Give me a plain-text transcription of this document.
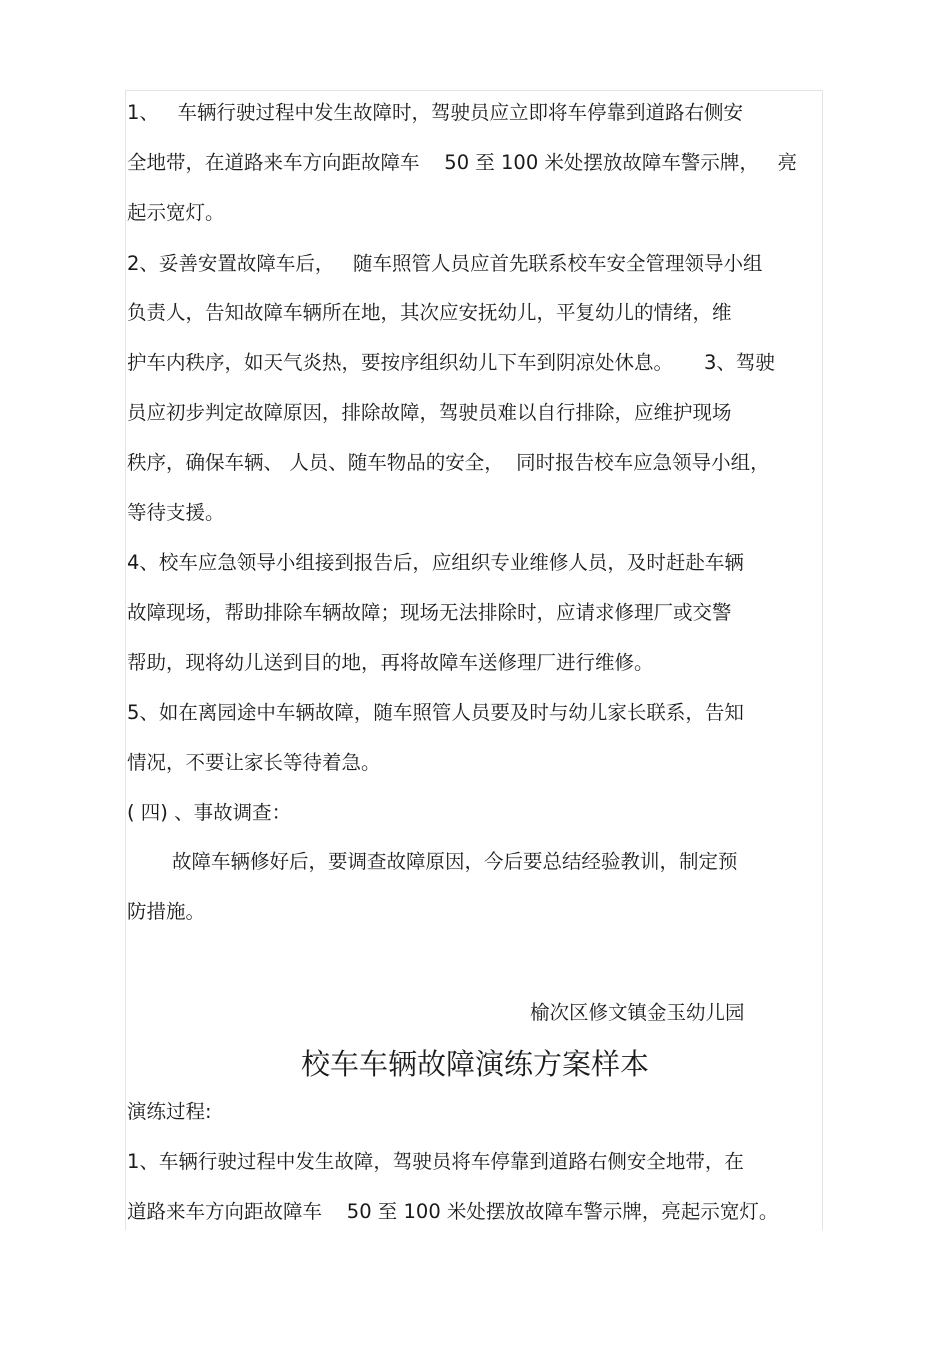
1、   车辆行驶过程中发生故障时，驾驶员应立即将车停靠到道路右侧安
全地带，在道路来车方向距故障车    50 至 100 米处摆放故障车警示牌，   亮
起示宽灯。
2、妥善安置故障车后，   随车照管人员应首先联系校车安全管理领导小组
负责人，告知故障车辆所在地，其次应安抚幼儿，平复幼儿的情绪，维
护车内秩序，如天气炎热，要按序组织幼儿下车到阴凉处休息。     3、驾驶
员应初步判定故障原因，排除故障，驾驶员难以自行排除，应维护现场
秩序，确保车辆、 人员、随车物品的安全，  同时报告校车应急领导小组，
等待支援。
4、校车应急领导小组接到报告后，应组织专业维修人员，及时赶赴车辆
故障现场，帮助排除车辆故障；现场无法排除时，应请求修理厂或交警
帮助，现将幼儿送到目的地，再将故障车送修理厂进行维修。
5、如在离园途中车辆故障，随车照管人员要及时与幼儿家长联系，告知
情况，不要让家长等待着急。
( 四) 、事故调查：
故障车辆修好后，要调查故障原因，今后要总结经验教训，制定预
防措施。
榆次区修文镇金玉幼儿园
校车车辆故障演练方案样本
演练过程:
1、车辆行驶过程中发生故障，驾驶员将车停靠到道路右侧安全地带，在
道路来车方向距故障车    50 至 100 米处摆放故障车警示牌，亮起示宽灯。
